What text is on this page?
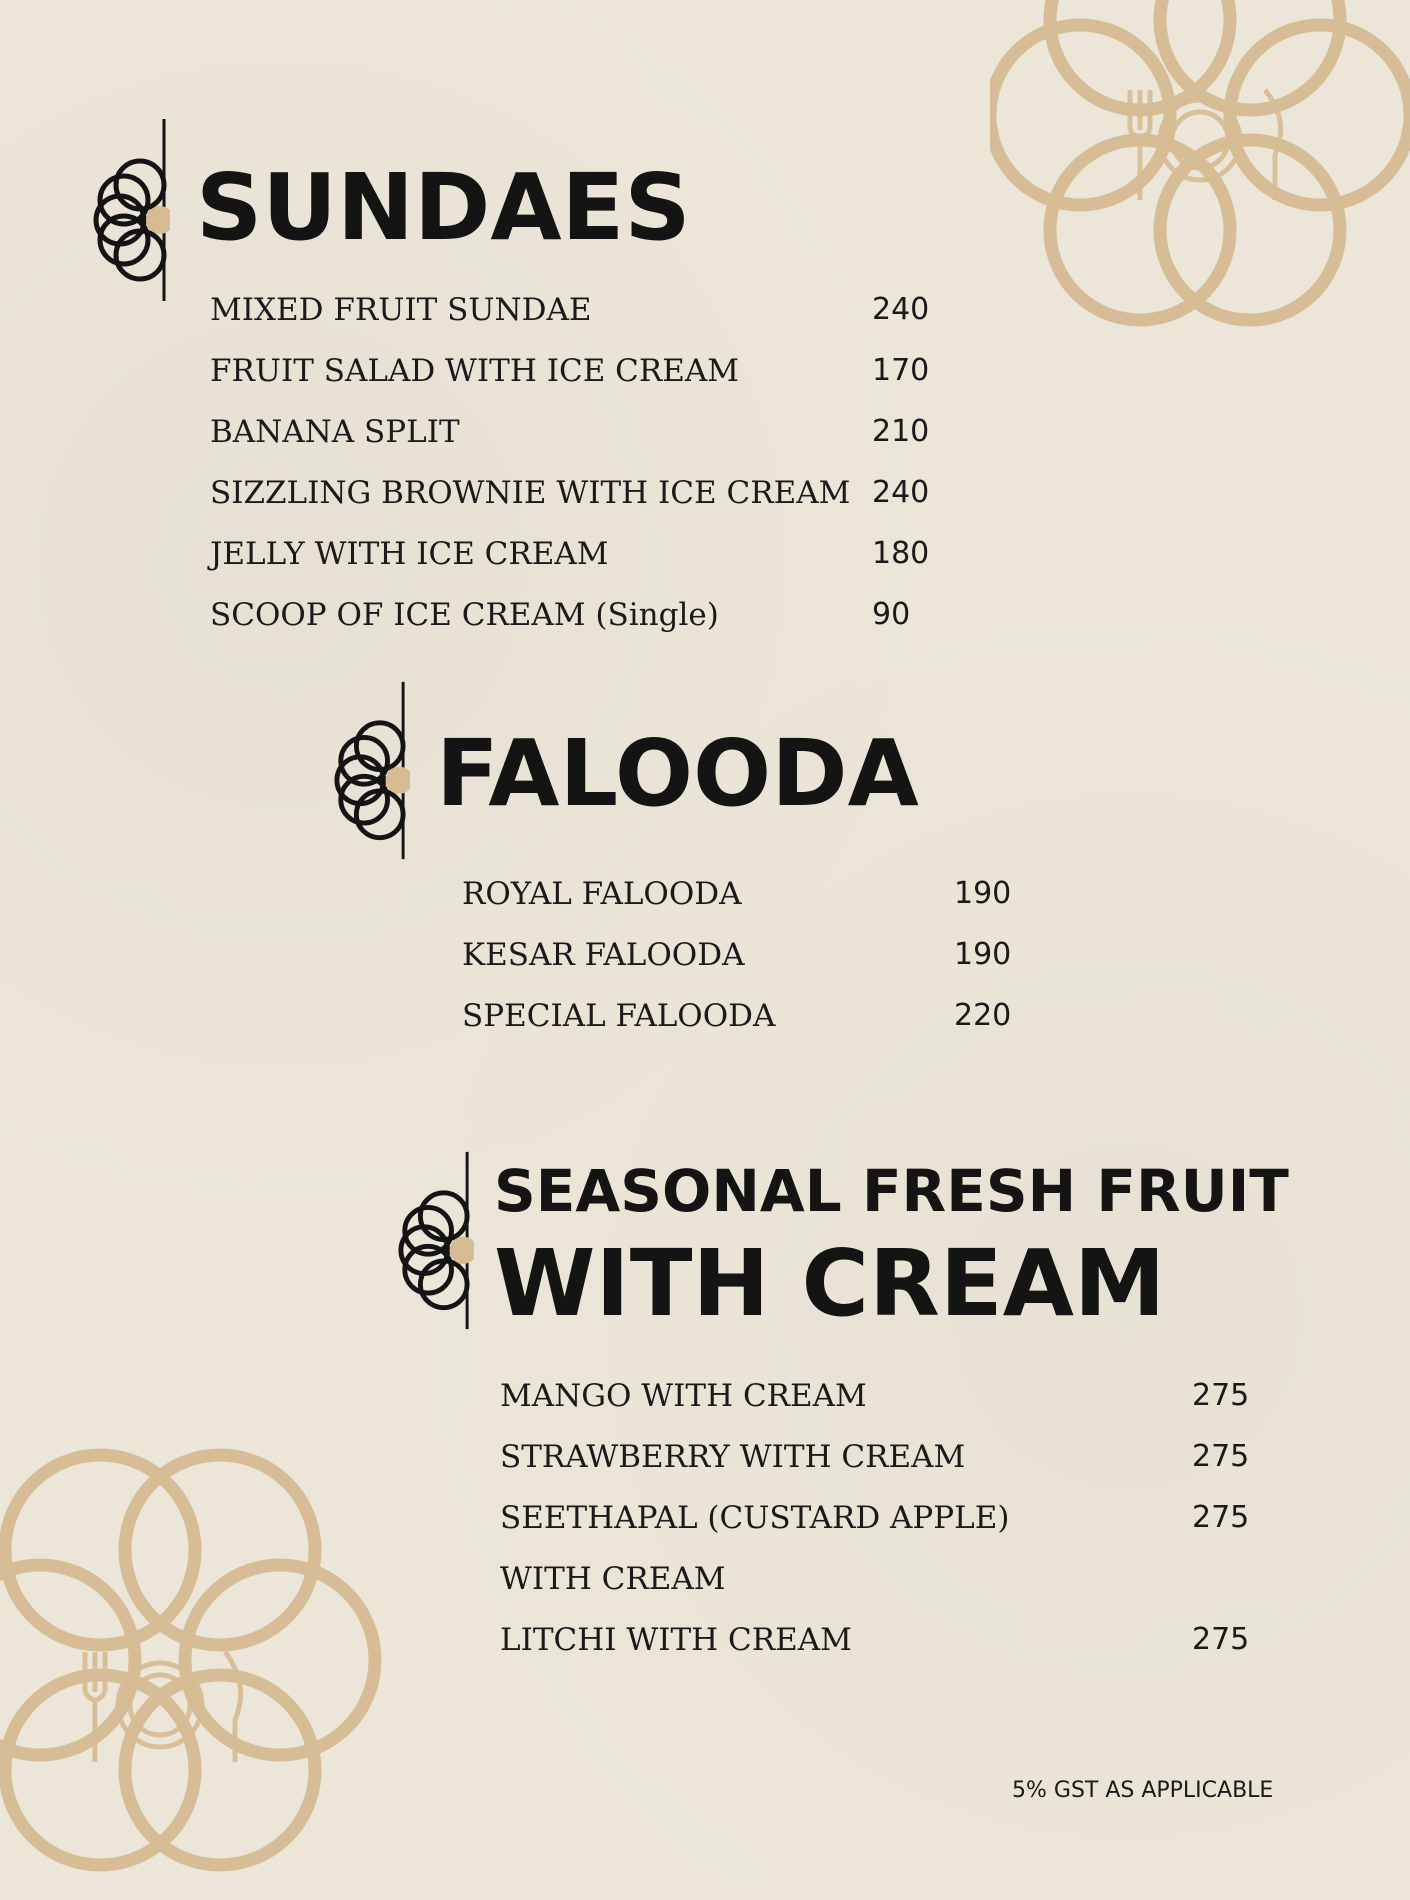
SUNDAES
FALOODA
SEASONAL FRESH FRUIT
WITH CREAM
MIXED FRUIT SUNDAE	240
FRUIT SALAD WITH ICE CREAM	170
BANANA SPLIT	210
SIZZLING BROWNIE WITH ICE CREAM 240
JELLY WITH ICE CREAM	180
SCOOP OF ICE CREAM (Single)	90
ROYAL FALOODA	190
KESAR FALOODA	190
SPECIAL FALOODA	220
MANGO WITH CREAM	275
STRAWBERRY WITH CREAM	275
SEETHAPAL (CUSTARD APPLE)	275
WITH CREAM
LITCHI WITH CREAM	275
5% GST AS APPLICABLE
